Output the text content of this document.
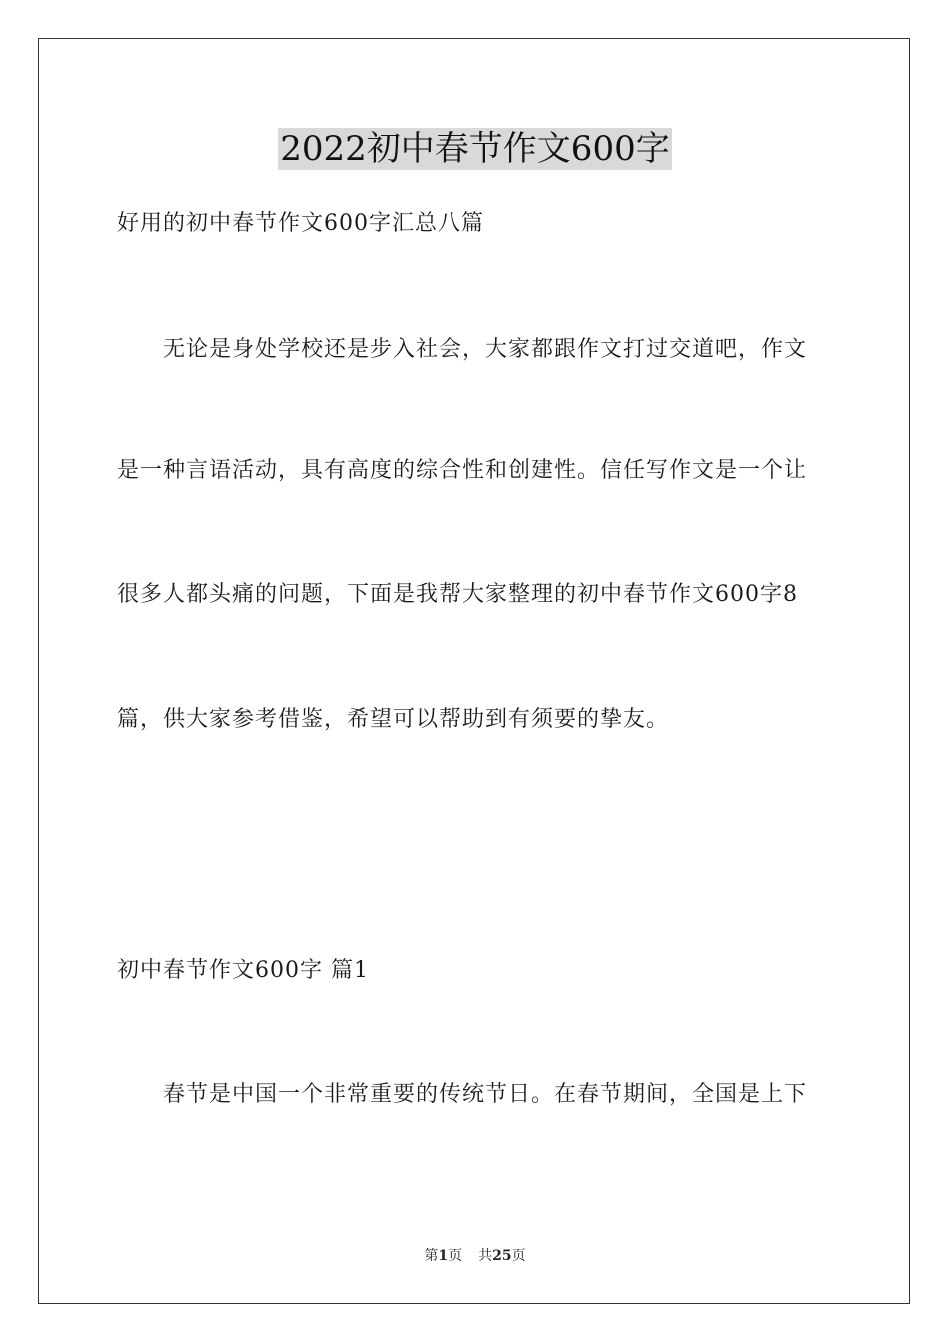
2022初中春节作文600字
好用的初中春节作文600字汇总八篇
　　无论是身处学校还是步入社会，大家都跟作文打过交道吧，作文
是一种言语活动，具有高度的综合性和创建性。信任写作文是一个让
很多人都头痛的问题，下面是我帮大家整理的初中春节作文600字8
篇，供大家参考借鉴，希望可以帮助到有须要的挚友。
初中春节作文600字 篇1
　　春节是中国一个非常重要的传统节日。在春节期间，全国是上下
第1页 共25页
